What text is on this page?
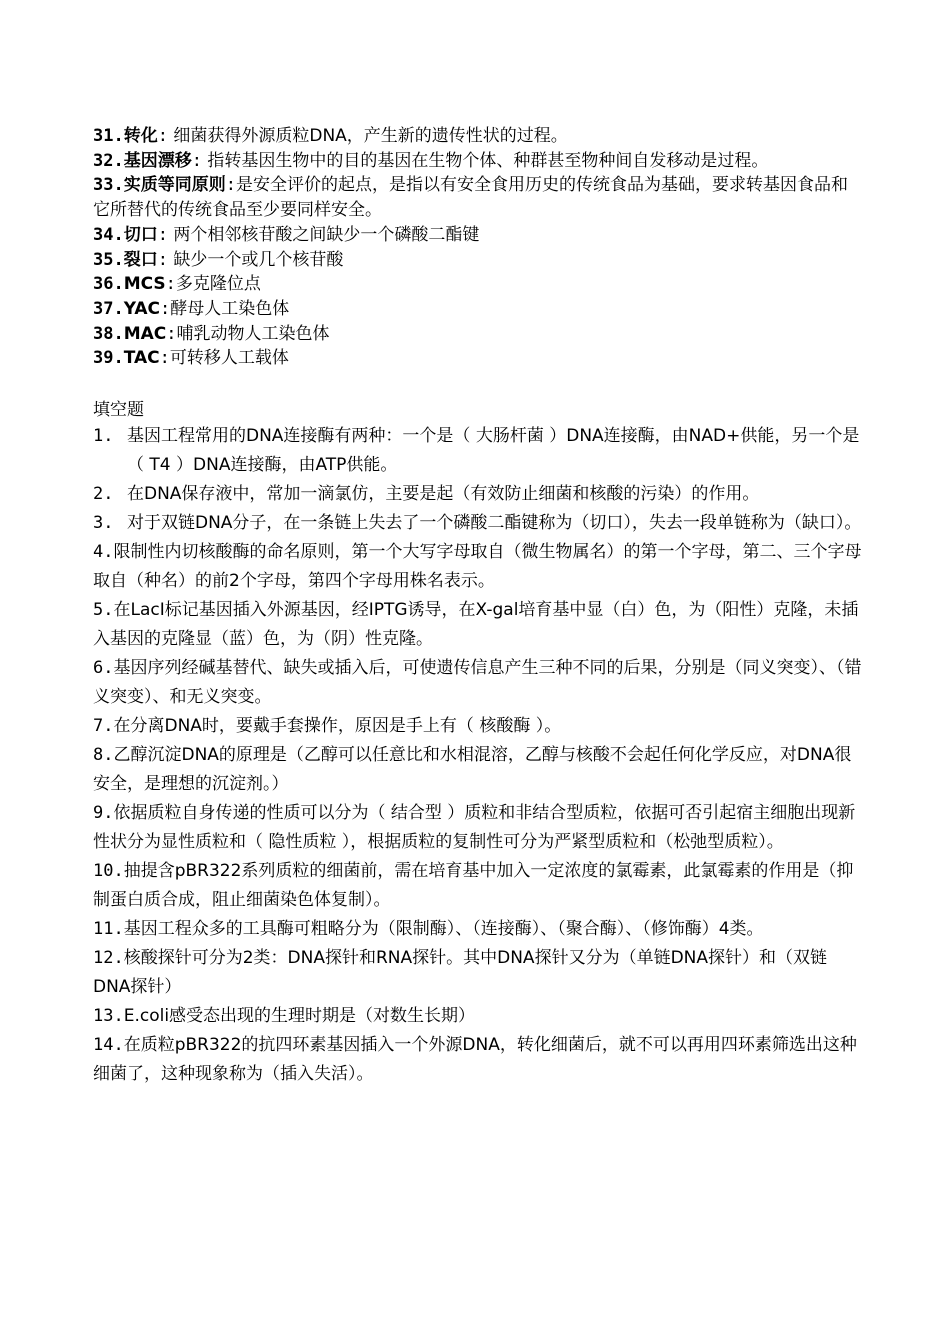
31.转化: 细菌获得外源质粒DNA，产生新的遗传性状的过程。
32.基因漂移: 指转基因生物中的目的基因在生物个体、种群甚至物种间自发移动是过程。
33.实质等同原则:是安全评价的起点，是指以有安全食用历史的传统食品为基础，要求转基因食品和它所替代的传统食品至少要同样安全。
34.切口: 两个相邻核苷酸之间缺少一个磷酸二酯键
35.裂口: 缺少一个或几个核苷酸
36.MCS:多克隆位点
37.YAC:酵母人工染色体
38.MAC:哺乳动物人工染色体
39.TAC:可转移人工载体
填空题
1. 基因工程常用的DNA连接酶有两种：一个是（ 大肠杆菌 ）DNA连接酶，由NAD+供能，另一个是（ T4 ）DNA连接酶，由ATP供能。
2. 在DNA保存液中，常加一滴氯仿，主要是起（有效防止细菌和核酸的污染）的作用。
3. 对于双链DNA分子，在一条链上失去了一个磷酸二酯键称为（切口），失去一段单链称为（缺口）。
4.限制性内切核酸酶的命名原则，第一个大写字母取自（微生物属名）的第一个字母，第二、三个字母取自（种名）的前2个字母，第四个字母用株名表示。
5.在LacI标记基因插入外源基因，经IPTG诱导，在X-gal培育基中显（白）色，为（阳性）克隆，未插入基因的克隆显（蓝）色，为（阴）性克隆。
6.基因序列经碱基替代、缺失或插入后，可使遗传信息产生三种不同的后果，分别是（同义突变）、（错义突变）、和无义突变。
7.在分离DNA时，要戴手套操作，原因是手上有（ 核酸酶 ）。
8.乙醇沉淀DNA的原理是（乙醇可以任意比和水相混溶，乙醇与核酸不会起任何化学反应，对DNA很安全，是理想的沉淀剂。）
9.依据质粒自身传递的性质可以分为（ 结合型 ）质粒和非结合型质粒，依据可否引起宿主细胞出现新性状分为显性质粒和（ 隐性质粒 ），根据质粒的复制性可分为严紧型质粒和（松弛型质粒）。
10.抽提含pBR322系列质粒的细菌前，需在培育基中加入一定浓度的氯霉素，此氯霉素的作用是（抑制蛋白质合成，阻止细菌染色体复制）。
11.基因工程众多的工具酶可粗略分为（限制酶）、（连接酶）、（聚合酶）、（修饰酶）4类。
12.核酸探针可分为2类：DNA探针和RNA探针。其中DNA探针又分为（单链DNA探针）和（双链DNA探针）
13.E.coli感受态出现的生理时期是（对数生长期）
14.在质粒pBR322的抗四环素基因插入一个外源DNA，转化细菌后，就不可以再用四环素筛选出这种细菌了，这种现象称为（插入失活）。
